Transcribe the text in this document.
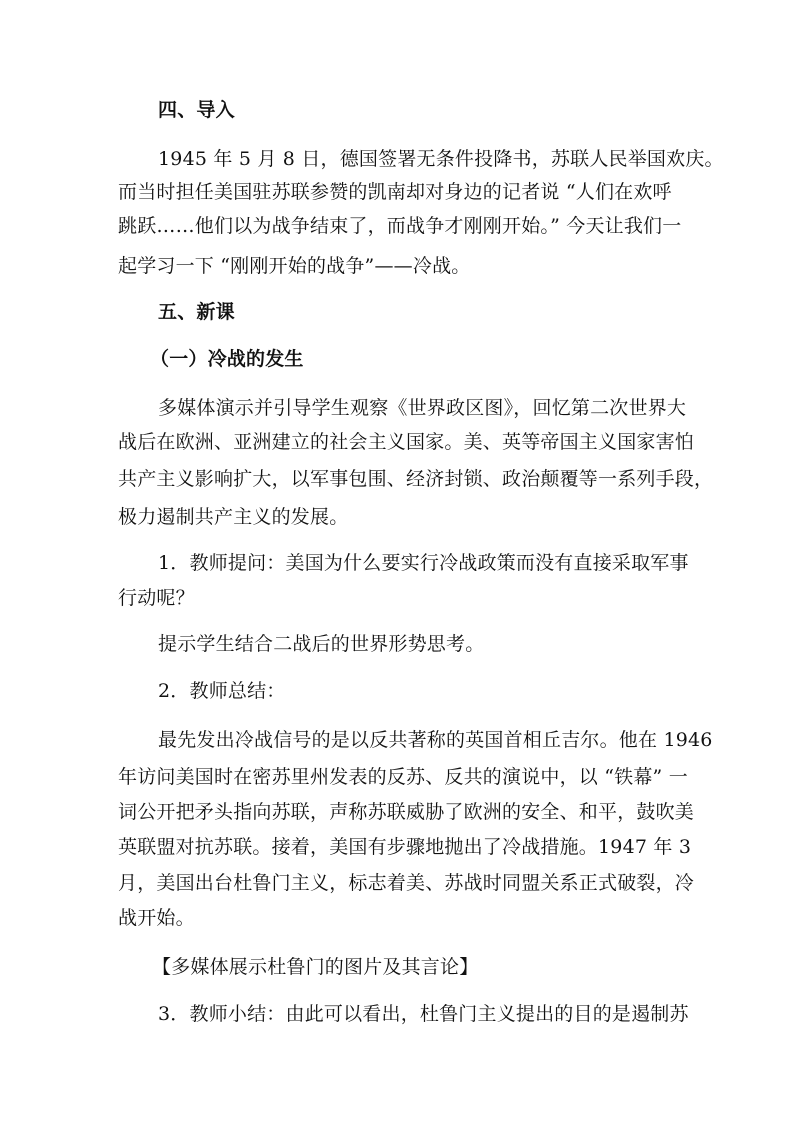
四、导入
1945 年 5 月 8 日，德国签署无条件投降书，苏联人民举国欢庆。
而当时担任美国驻苏联参赞的凯南却对身边的记者说 “人们在欢呼
跳跃……他们以为战争结束了，而战争才刚刚开始。” 今天让我们一
起学习一下 “刚刚开始的战争”——冷战。
五、新课
（一）冷战的发生
多媒体演示并引导学生观察《世界政区图》，回忆第二次世界大
战后在欧洲、亚洲建立的社会主义国家。美、英等帝国主义国家害怕
共产主义影响扩大，以军事包围、经济封锁、政治颠覆等一系列手段，
极力遏制共产主义的发展。
1．教师提问：美国为什么要实行冷战政策而没有直接采取军事
行动呢？
提示学生结合二战后的世界形势思考。
2．教师总结：
最先发出冷战信号的是以反共著称的英国首相丘吉尔。他在 1946
年访问美国时在密苏里州发表的反苏、反共的演说中，以 “铁幕” 一
词公开把矛头指向苏联，声称苏联威胁了欧洲的安全、和平，鼓吹美
英联盟对抗苏联。接着，美国有步骤地抛出了冷战措施。1947 年 3
月，美国出台杜鲁门主义，标志着美、苏战时同盟关系正式破裂，冷
战开始。
【多媒体展示杜鲁门的图片及其言论】
3．教师小结：由此可以看出，杜鲁门主义提出的目的是遏制苏
